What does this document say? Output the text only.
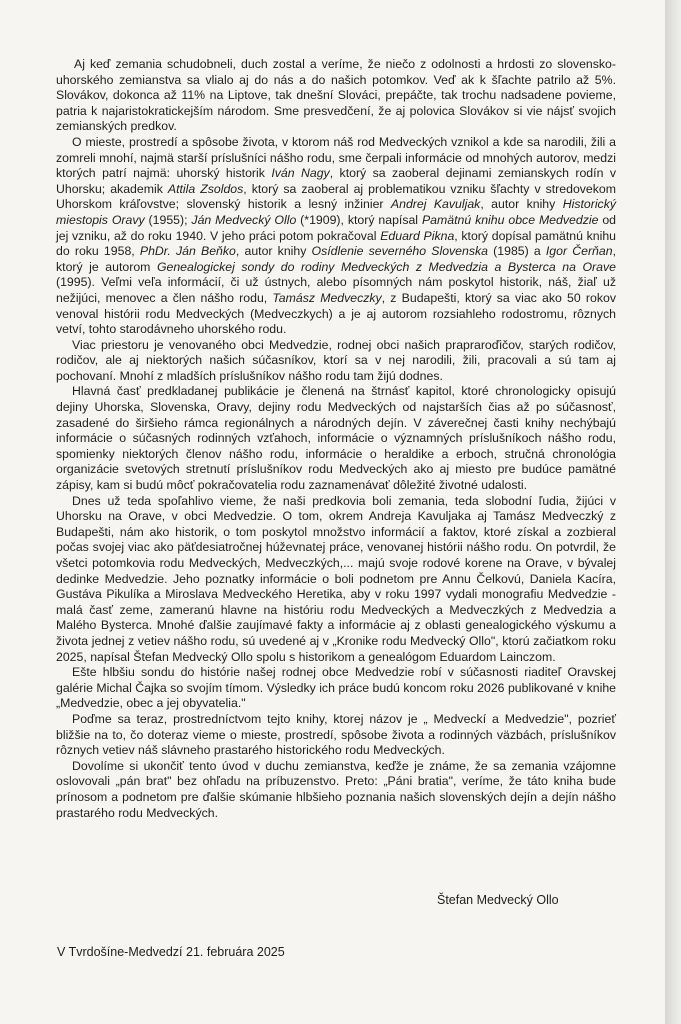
Aj keď zemania schudobneli, duch zostal a veríme, že niečo z odolnosti a hrdosti zo slovensko-uhorského zemianstva sa vlialo aj do nás a do našich potomkov. Veď ak k šľachte patrilo až 5%. Slovákov, dokonca až 11% na Liptove, tak dnešní Slováci, prepáčte, tak trochu nadsadene povieme, patria k najaristokratickejším národom. Sme presvedčení, že aj polovica Slovákov si vie nájsť svojich zemianských predkov.

O mieste, prostredí a spôsobe života, v ktorom náš rod Medveckých vznikol a kde sa narodili, žili a zomreli mnohí, najmä starší príslušníci nášho rodu, sme čerpali informácie od mnohých autorov, medzi ktorých patrí najmä: uhorský historik Iván Nagy, ktorý sa zaoberal dejinami zemianskych rodín v Uhorsku; akademik Attila Zsoldos, ktorý sa zaoberal aj problematikou vzniku šľachty v stredovekom Uhorskom kráľovstve; slovenský historik a lesný inžinier Andrej Kavuljak, autor knihy Historický miestopis Oravy (1955); Ján Medvecký Ollo (*1909), ktorý napísal Pamätnú knihu obce Medvedzie od jej vzniku, až do roku 1940. V jeho práci potom pokračoval Eduard Pikna, ktorý dopísal pamätnú knihu do roku 1958, PhDr. Ján Beňko, autor knihy Osídlenie severného Slovenska (1985) a Igor Čerňan, ktorý je autorom Genealogickej sondy do rodiny Medveckých z Medvedzia a Bysterca na Orave (1995). Veľmi veľa informácií, či už ústnych, alebo písomných nám poskytol historik, náš, žiaľ už nežijúci, menovec a člen nášho rodu, Tamász Medveczky, z Budapešti, ktorý sa viac ako 50 rokov venoval histórii rodu Medveckých (Medveczkych) a je aj autorom rozsiahleho rodostromu, rôznych vetví, tohto starodávneho uhorského rodu.

Viac priestoru je venovaného obci Medvedzie, rodnej obci našich prapraroďičov, starých rodičov, rodičov, ale aj niektorých našich súčasníkov, ktorí sa v nej narodili, žili, pracovali a sú tam aj pochovaní. Mnohí z mladších príslušníkov nášho rodu tam žijú dodnes.

Hlavná časť predkladanej publikácie je členená na štrnásť kapitol, ktoré chronologicky opisujú dejiny Uhorska, Slovenska, Oravy, dejiny rodu Medveckých od najstarších čias až po súčasnosť, zasadené do širšieho rámca regionálnych a národných dejín. V záverečnej časti knihy nechýbajú informácie o súčasných rodinných vzťahoch, informácie o významných príslušníkoch nášho rodu, spomienky niektorých členov nášho rodu, informácie o heraldike a erboch, stručná chronológia organizácie svetových stretnutí príslušníkov rodu Medveckých ako aj miesto pre budúce pamätné zápisy, kam si budú môcť pokračovatelia rodu zaznamenávať dôležité životné udalosti.

Dnes už teda spoľahlivo vieme, že naši predkovia boli zemania, teda slobodní ľudia, žijúci v Uhorsku na Orave, v obci Medvedzie. O tom, okrem Andreja Kavuljaka aj Tamász Medveczký z Budapešti, nám ako historik, o tom poskytol množstvo informácií a faktov, ktoré získal a zozbieral počas svojej viac ako päťdesiatročnej húževnatej práce, venovanej histórii nášho rodu. On potvrdil, že všetci potomkovia rodu Medveckých, Medveczkých,... majú svoje rodové korene na Orave, v bývalej dedinke Medvedzie. Jeho poznatky informácie o boli podnetom pre Annu Čelkovú, Daniela Kacíra, Gustáva Pikulíka a Miroslava Medveckého Heretika, aby v roku 1997 vydali monografiu Medvedzie - malá časť zeme, zameranú hlavne na históriu rodu Medveckých a Medveczkých z Medvedzia a Malého Bysterca. Mnohé ďalšie zaujímavé fakty a informácie aj z oblasti genealogického výskumu a života jednej z vetiev nášho rodu, sú uvedené aj v „Kronike rodu Medvecký Ollo", ktorú začiatkom roku 2025, napísal Štefan Medvecký Ollo spolu s historikom a genealógom Eduardom Lainczom.

Ešte hlbšiu sondu do histórie našej rodnej obce Medvedzie robí v súčasnosti riaditeľ Oravskej galérie Michal Čajka so svojím tímom. Výsledky ich práce budú koncom roku 2026 publikované v knihe „Medvedzie, obec a jej obyvatelia."

Poďme sa teraz, prostredníctvom tejto knihy, ktorej názov je „ Medveckí a Medvedzie", pozrieť bližšie na to, čo doteraz vieme o mieste, prostredí, spôsobe života a rodinných väzbách, príslušníkov rôznych vetiev náš slávneho prastarého historického rodu Medveckých.

Dovolíme si ukončiť tento úvod v duchu zemianstva, keďže je známe, že sa zemania vzájomne oslovovali „pán brat" bez ohľadu na príbuzenstvo. Preto: „Páni bratia", veríme, že táto kniha bude prínosom a podnetom pre ďalšie skúmanie hlbšieho poznania našich slovenských dejín a dejín nášho prastarého rodu Medveckých.

Štefan Medvecký Ollo
V Tvrdošíne-Medvedzí 21. februára 2025
